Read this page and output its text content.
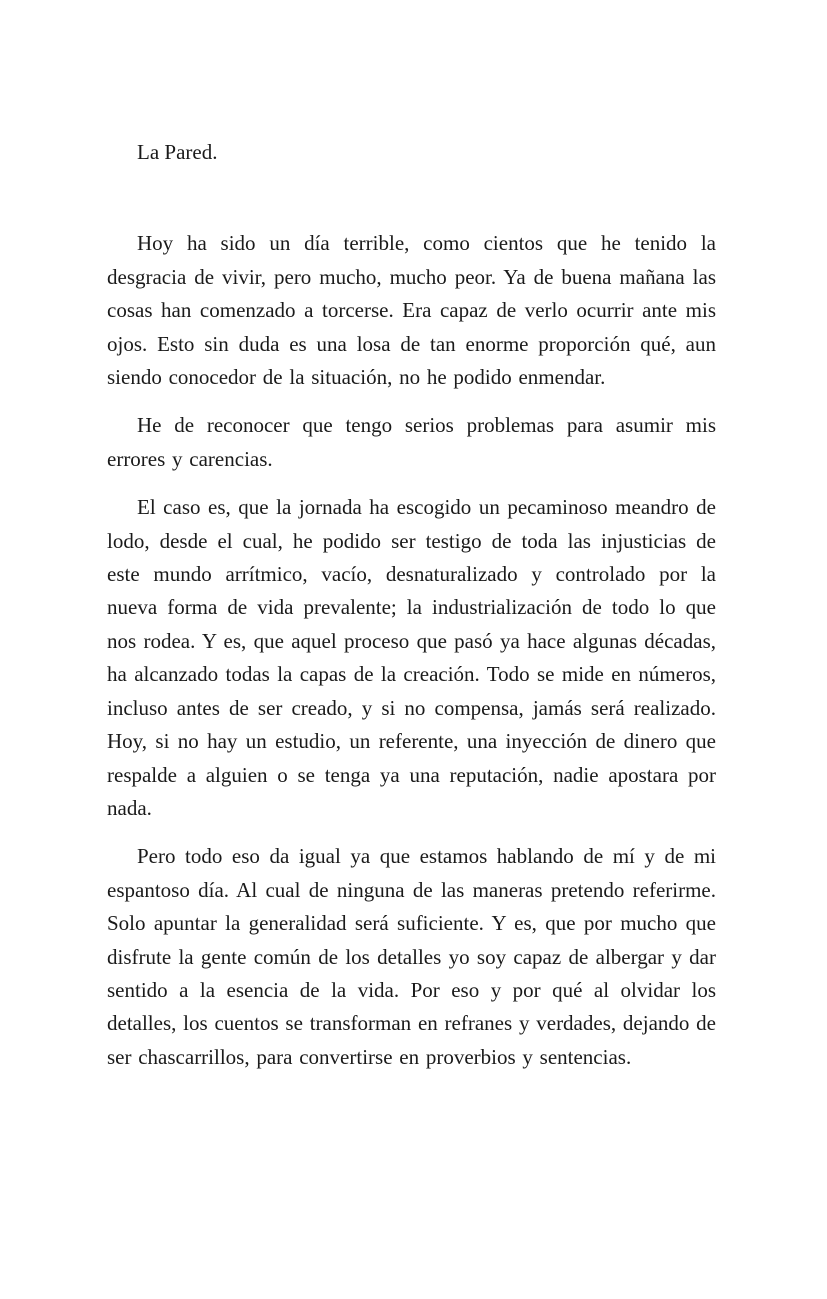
La Pared.

Hoy ha sido un día terrible, como cientos que he tenido la desgracia de vivir, pero mucho, mucho peor. Ya de buena mañana las cosas han comenzado a torcerse. Era capaz de verlo ocurrir ante mis ojos. Esto sin duda es una losa de tan enorme proporción qué, aun siendo conocedor de la situación, no he podido enmendar.

He de reconocer que tengo serios problemas para asumir mis errores y carencias.

El caso es, que la jornada ha escogido un pecaminoso meandro de lodo, desde el cual, he podido ser testigo de toda las injusticias de este mundo arrítmico, vacío, desnaturalizado y controlado por la nueva forma de vida prevalente; la industrialización de todo lo que nos rodea. Y es, que aquel proceso que pasó ya hace algunas décadas, ha alcanzado todas la capas de la creación. Todo se mide en números, incluso antes de ser creado, y si no compensa, jamás será realizado. Hoy, si no hay un estudio, un referente, una inyección de dinero que respalde a alguien o se tenga ya una reputación, nadie apostara por nada.

Pero todo eso da igual ya que estamos hablando de mí y de mi espantoso día. Al cual de ninguna de las maneras pretendo referirme. Solo apuntar la generalidad será suficiente. Y es, que por mucho que disfrute la gente común de los detalles yo soy capaz de albergar y dar sentido a la esencia de la vida. Por eso y por qué al olvidar los detalles, los cuentos se transforman en refranes y verdades, dejando de ser chascarrillos, para convertirse en proverbios y sentencias.
